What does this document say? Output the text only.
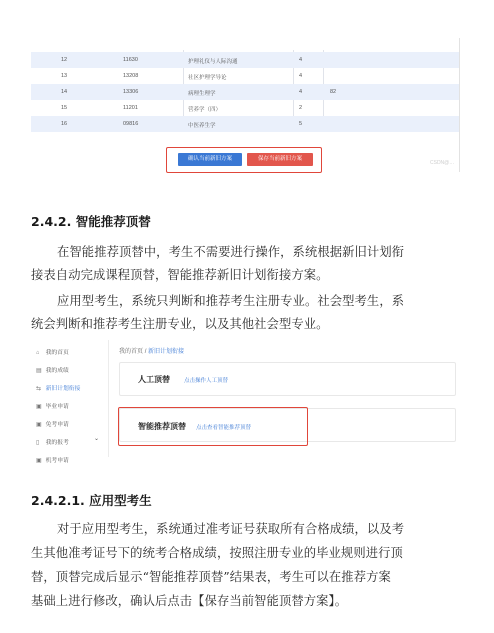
12	11630	护理礼仪与人际沟通	4
13	13208	社区护理学导论	4
14	13306	病理生理学	4	82
15	11201	营养学（四）	2
16	09816	中医养生学	5
确认当前新旧方案	保存当前新旧方案
CSDN@…
2.4.2. 智能推荐顶替
在智能推荐顶替中，考生不需要进行操作，系统根据新旧计划衔
接表自动完成课程顶替，智能推荐新旧计划衔接方案。
应用型考生，系统只判断和推荐考生注册专业。社会型考生，系
统会判断和推荐考生注册专业，以及其他社会型专业。
⌂ 我的首页
▤ 我的成绩
⇆ 新旧计划衔接
▣ 毕业申请
▣ 免考申请
▯ 我的报考
⌄
▣ 机考申请
我的首页 / 新旧计划衔接
人工顶替	点击操作人工顶替
智能推荐顶替 点击查看智能推荐顶替
2.4.2.1. 应用型考生
对于应用型考生，系统通过准考证号获取所有合格成绩，以及考
生其他准考证号下的统考合格成绩，按照注册专业的毕业规则进行顶
替，顶替完成后显示“智能推荐顶替”结果表，考生可以在推荐方案
基础上进行修改，确认后点击【保存当前智能顶替方案】。
